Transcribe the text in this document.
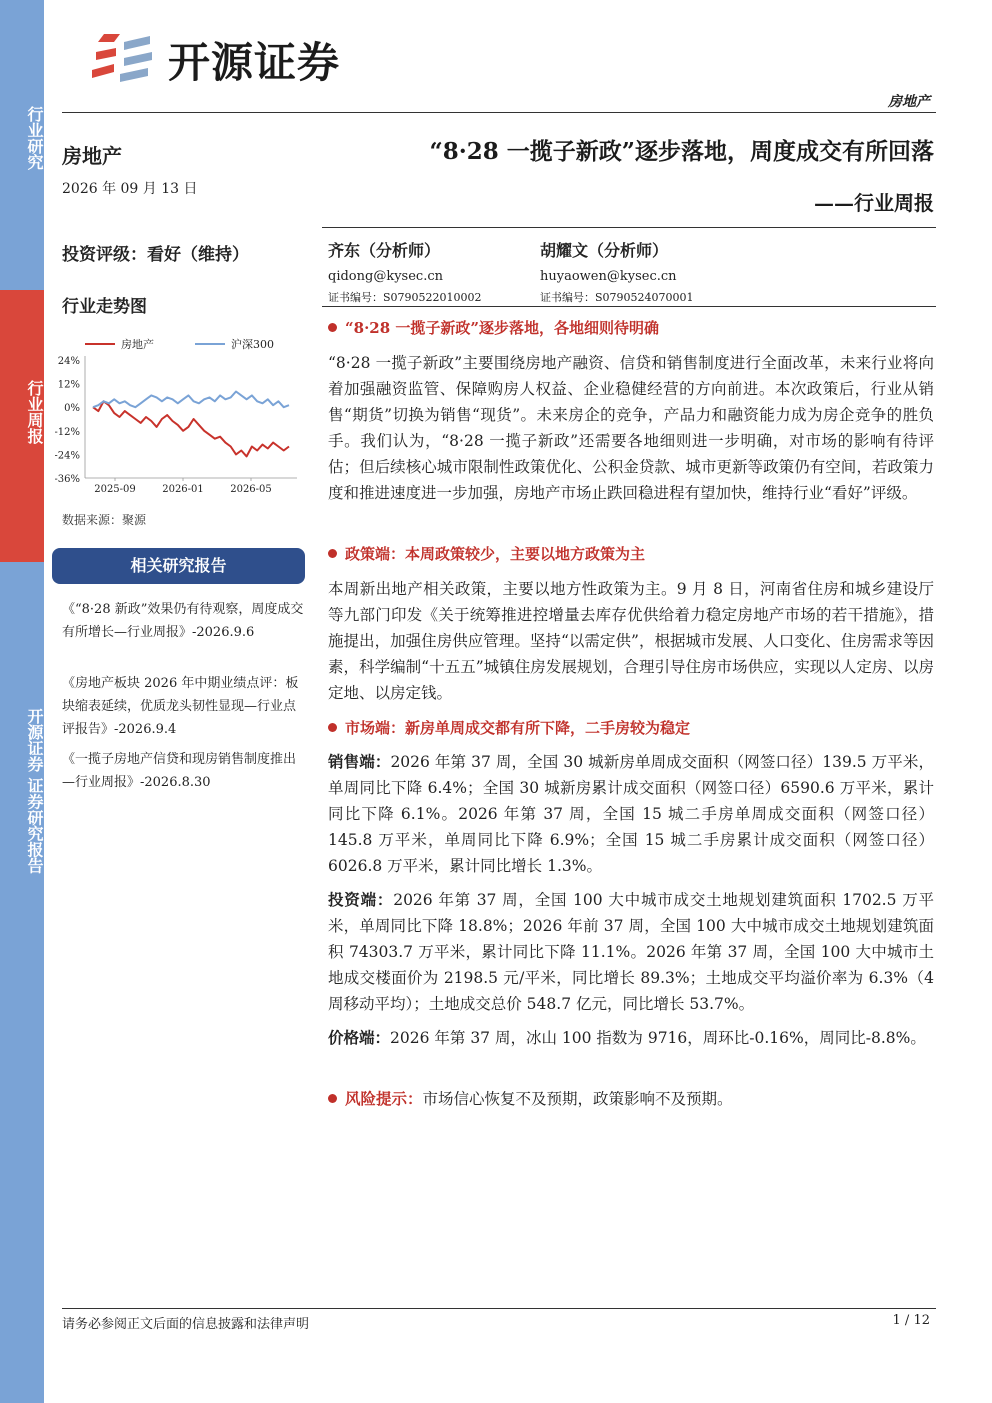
行业研究
行业周报
开源证券 证券研究报告
开源证券
房地产
房地产
2026 年 09 月 13 日
投资评级：看好（维持）
行业走势图
房地产	沪深300
24%
12%
0%
-12%
-24%
-36%
2025-09	2026-01	2026-05
数据来源：聚源
相关研究报告
《“8·28 新政”效果仍有待观察，周度成交有所增长—行业周报》-2026.9.6
《房地产板块 2026 年中期业绩点评：板块缩表延续，优质龙头韧性显现—行业点评报告》-2026.9.4
《一揽子房地产信贷和现房销售制度推出—行业周报》-2026.8.30
“8·28 一揽子新政”逐步落地，周度成交有所回落
——行业周报
齐东（分析师）
qidong@kysec.cn
证书编号：S0790522010002
胡耀文（分析师）
huyaowen@kysec.cn
证书编号：S0790524070001
“8·28 一揽子新政”逐步落地，各地细则待明确
“8·28 一揽子新政”主要围绕房地产融资、信贷和销售制度进行全面改革，未来行业将向着加强融资监管、保障购房人权益、企业稳健经营的方向前进。本次政策后，行业从销售“期货”切换为销售“现货”。未来房企的竞争，产品力和融资能力成为房企竞争的胜负手。我们认为，“8·28 一揽子新政”还需要各地细则进一步明确，对市场的影响有待评估；但后续核心城市限制性政策优化、公积金贷款、城市更新等政策仍有空间，若政策力度和推进速度进一步加强，房地产市场止跌回稳进程有望加快，维持行业“看好”评级。
政策端：本周政策较少，主要以地方政策为主
本周新出地产相关政策，主要以地方性政策为主。9 月 8 日，河南省住房和城乡建设厅等九部门印发《关于统筹推进控增量去库存优供给着力稳定房地产市场的若干措施》，措施提出，加强住房供应管理。坚持“以需定供”，根据城市发展、人口变化、住房需求等因素，科学编制“十五五”城镇住房发展规划，合理引导住房市场供应，实现以人定房、以房定地、以房定钱。
市场端：新房单周成交都有所下降，二手房较为稳定
销售端：2026 年第 37 周，全国 30 城新房单周成交面积（网签口径）139.5 万平米，单周同比下降 6.4%；全国 30 城新房累计成交面积（网签口径）6590.6 万平米，累计同比下降 6.1%。2026 年第 37 周，全国 15 城二手房单周成交面积（网签口径）145.8 万平米，单周同比下降 6.9%；全国 15 城二手房累计成交面积（网签口径）6026.8 万平米，累计同比增长 1.3%。
投资端：2026 年第 37 周，全国 100 大中城市成交土地规划建筑面积 1702.5 万平米，单周同比下降 18.8%；2026 年前 37 周，全国 100 大中城市成交土地规划建筑面积 74303.7 万平米，累计同比下降 11.1%。2026 年第 37 周，全国 100 大中城市土地成交楼面价为 2198.5 元/平米，同比增长 89.3%；土地成交平均溢价率为 6.3%（4 周移动平均）；土地成交总价 548.7 亿元，同比增长 53.7%。
价格端：2026 年第 37 周，冰山 100 指数为 9716，周环比-0.16%，周同比-8.8%。
风险提示： 市场信心恢复不及预期，政策影响不及预期。
请务必参阅正文后面的信息披露和法律声明	1 / 12
